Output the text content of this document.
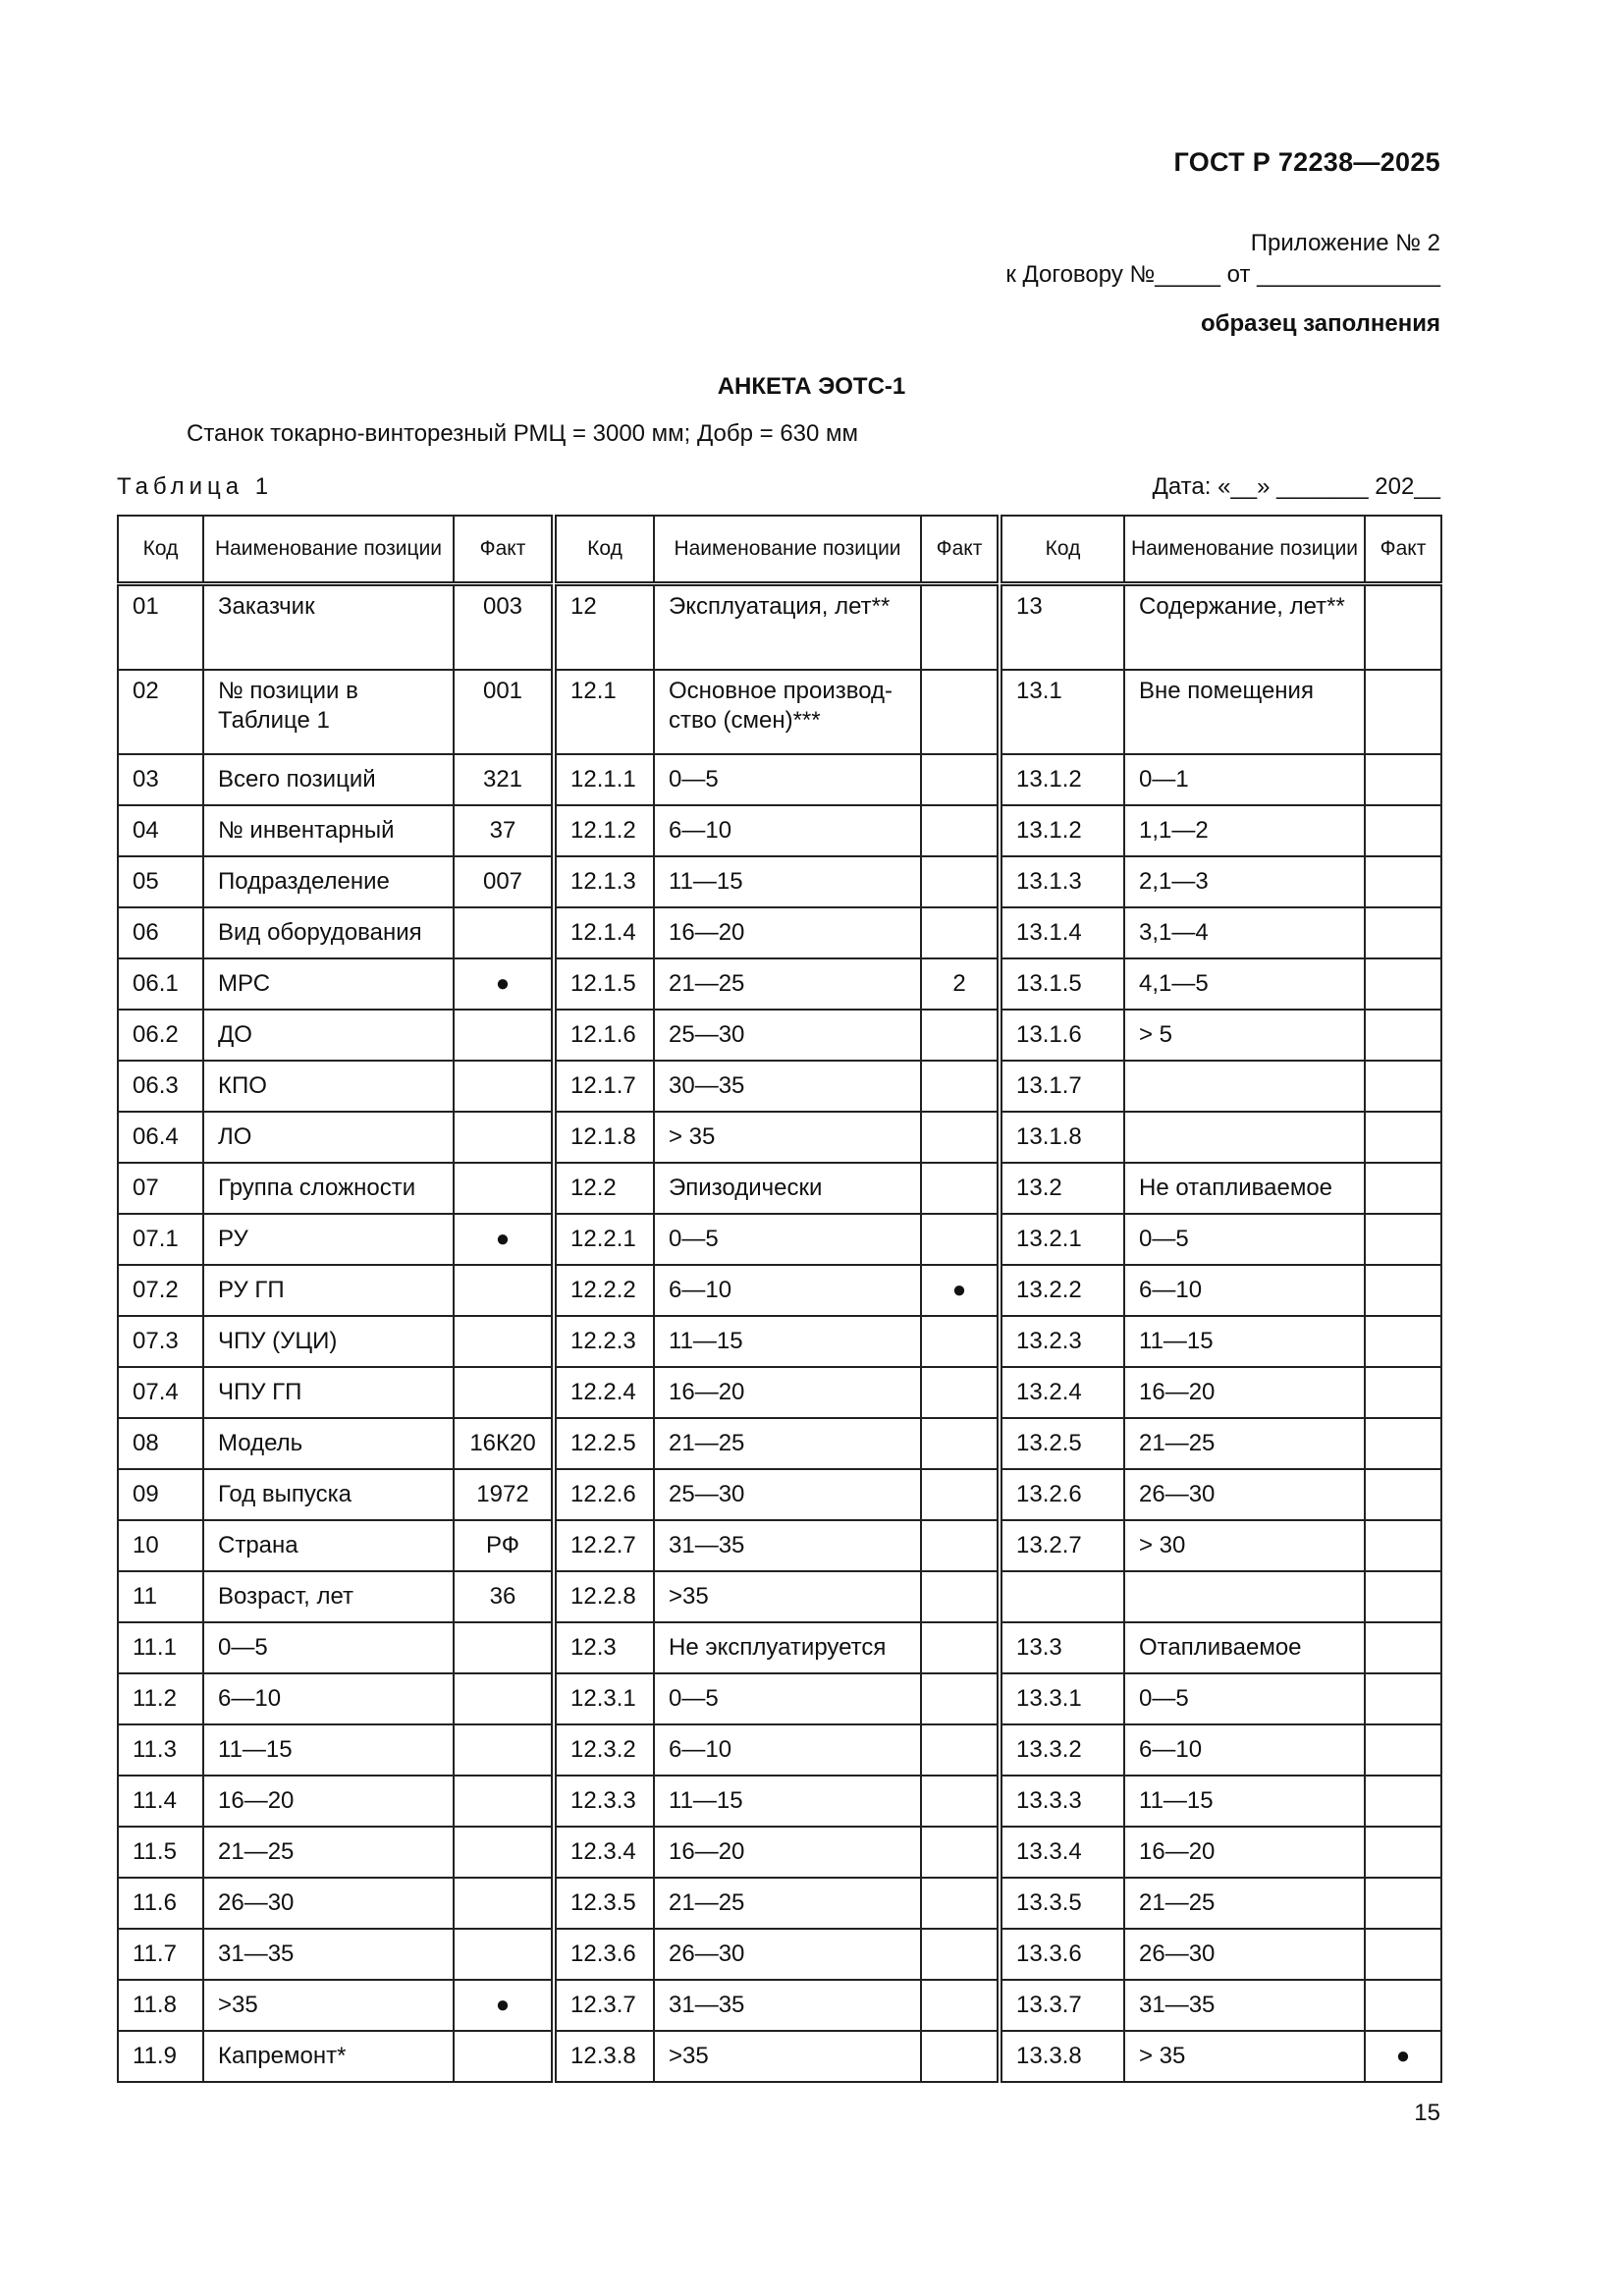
ГОСТ Р 72238—2025
Приложение № 2
к Договору №_____ от ______________
образец заполнения
АНКЕТА ЭОТС-1
Станок токарно-винторезный РМЦ = 3000 мм; Добр = 630 мм
Таблица 1	Дата: «__» _______ 202__
Код	Наименование позиции	Факт
01	Заказчик	003
02	№ позиции в Таблице 1	001
03	Всего позиций	321
04	№ инвентарный	37
05	Подразделение	007
06	Вид оборудования	
06.1	МРС	●
06.2	ДО	
06.3	КПО	
06.4	ЛО	
07	Группа сложности	
07.1	РУ	●
07.2	РУ ГП	
07.3	ЧПУ (УЦИ)	
07.4	ЧПУ ГП	
08	Модель	16К20
09	Год выпуска	1972
10	Страна	РФ
11	Возраст, лет	36
11.1	0—5	
11.2	6—10	
11.3	11—15	
11.4	16—20	
11.5	21—25	
11.6	26—30	
11.7	31—35	
11.8	>35	●
11.9	Капремонт*	
Код	Наименование позиции	Факт
12	Эксплуатация, лет**	
12.1	Основное производ-ство (смен)***	
12.1.1	0—5	
12.1.2	6—10	
12.1.3	11—15	
12.1.4	16—20	
12.1.5	21—25	2
12.1.6	25—30	
12.1.7	30—35	
12.1.8	> 35	
12.2	Эпизодически	
12.2.1	0—5	
12.2.2	6—10	●
12.2.3	11—15	
12.2.4	16—20	
12.2.5	21—25	
12.2.6	25—30	
12.2.7	31—35	
12.2.8	>35	
12.3	Не эксплуатируется	
12.3.1	0—5	
12.3.2	6—10	
12.3.3	11—15	
12.3.4	16—20	
12.3.5	21—25	
12.3.6	26—30	
12.3.7	31—35	
12.3.8	>35	
Код	Наименование позиции	Факт
13	Содержание, лет**	
13.1	Вне помещения	
13.1.2	0—1	
13.1.2	1,1—2	
13.1.3	2,1—3	
13.1.4	3,1—4	
13.1.5	4,1—5	
13.1.6	> 5	
13.1.7		
13.1.8		
13.2	Не отапливаемое	
13.2.1	0—5	
13.2.2	6—10	
13.2.3	11—15	
13.2.4	16—20	
13.2.5	21—25	
13.2.6	26—30	
13.2.7	> 30	

13.3	Отапливаемое	
13.3.1	0—5	
13.3.2	6—10	
13.3.3	11—15	
13.3.4	16—20	
13.3.5	21—25	
13.3.6	26—30	
13.3.7	31—35	
13.3.8	> 35	●
15
